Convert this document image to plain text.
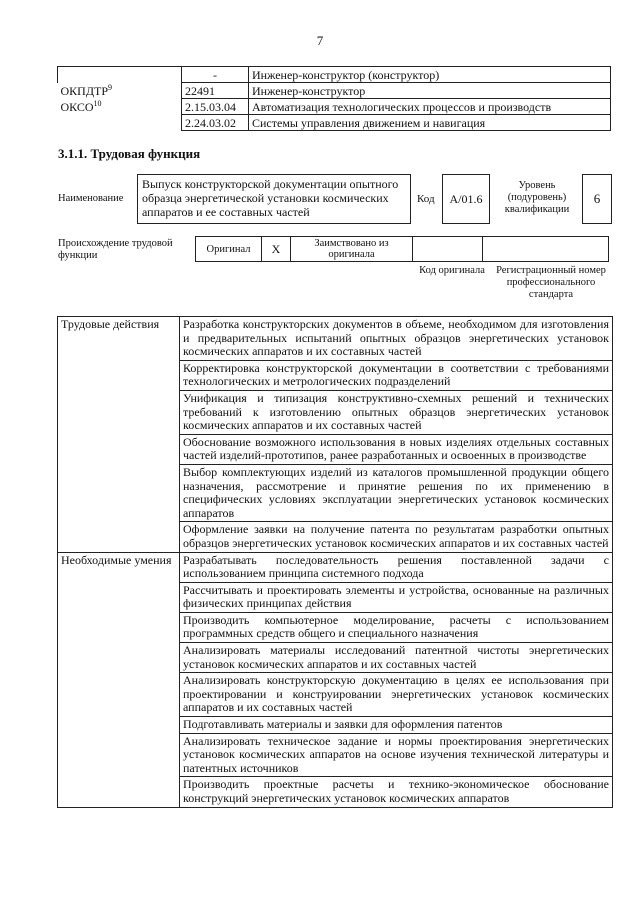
7
	-	Инженер-конструктор (конструктор)
ОКПДТР$^9$	22491	Инженер-конструктор
ОКСО$^{10}$	2.15.03.04	Автоматизация технологических процессов и производств
	2.24.03.02	Системы управления движением и навигация
3.1.1. Трудовая функция
Наименование
Выпуск конструкторской документации опытного образца энергетической установки космических аппаратов и ее составных частей
Код	A/01.6
Уровень (подуровень) квалификации
6
Происхождение трудовой функции
Оригинал	X	Заимствовано из оригинала
Код оригинала	Регистрационный номер профессионального стандарта
Трудовые действия	Разработка конструкторских документов в объеме, необходимом для изготовления и предварительных испытаний опытных образцов энергетических установок космических аппаратов и их составных частей
	Корректировка конструкторской документации в соответствии с требованиями технологических и метрологических подразделений
	Унификация и типизация конструктивно-схемных решений и технических требований к изготовлению опытных образцов энергетических установок космических аппаратов и их составных частей
	Обоснование возможного использования в новых изделиях отдельных составных частей изделий-прототипов, ранее разработанных и освоенных в производстве
	Выбор комплектующих изделий из каталогов промышленной продукции общего назначения, рассмотрение и принятие решения по их применению в специфических условиях эксплуатации энергетических установок космических аппаратов
	Оформление заявки на получение патента по результатам разработки опытных образцов энергетических установок космических аппаратов и их составных частей
Необходимые умения	Разрабатывать последовательность решения поставленной задачи с использованием принципа системного подхода
	Рассчитывать и проектировать элементы и устройства, основанные на различных физических принципах действия
	Производить компьютерное моделирование, расчеты с использованием программных средств общего и специального назначения
	Анализировать материалы исследований патентной чистоты энергетических установок космических аппаратов и их составных частей
	Анализировать конструкторскую документацию в целях ее использования при проектировании и конструировании энергетических установок космических аппаратов и их составных частей
	Подготавливать материалы и заявки для оформления патентов
	Анализировать техническое задание и нормы проектирования энергетических установок космических аппаратов на основе изучения технической литературы и патентных источников
	Производить проектные расчеты и технико-экономическое обоснование конструкций энергетических установок космических аппаратов
